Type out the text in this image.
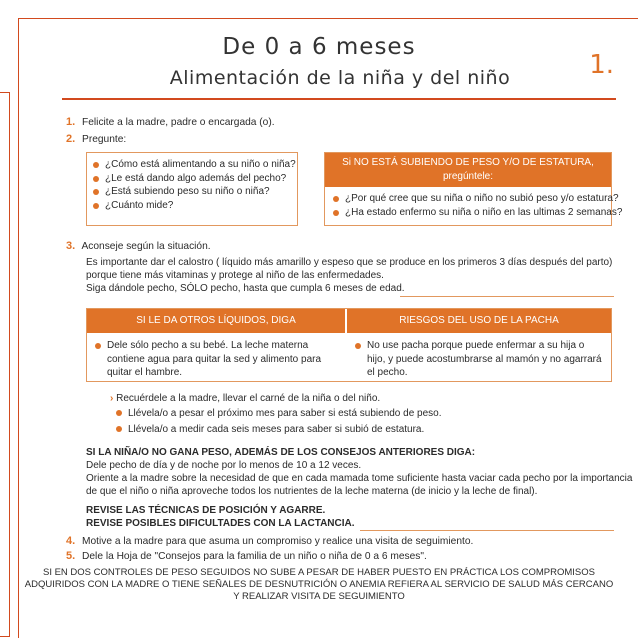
De 0 a 6 meses
Alimentación de la niña y del niño	1.
1. Felicite a la madre, padre o encargada (o).
2. Pregunte:
¿Cómo está alimentando a su niño o niña?
¿Le está dando algo además del pecho?
¿Está subiendo peso su niño o niña?
¿Cuánto mide?
Si NO ESTÁ SUBIENDO DE PESO Y/O DE ESTATURA,
pregúntele:
¿Por qué cree que su niña o niño no subió peso y/o estatura?
¿Ha estado enfermo su niña o niño en las ultimas 2 semanas?
3. Aconseje según la situación.
Es importante dar el calostro ( líquido más amarillo y espeso que se produce en los primeros 3 días después del parto)
porque tiene más vitaminas y protege al niño de las enfermedades.
Siga dándole pecho, SÓLO pecho, hasta que cumpla 6 meses de edad.
SI LE DA OTROS LÍQUIDOS, DIGA	RIESGOS DEL USO DE LA PACHA
Dele sólo pecho a su bebé. La leche materna
contiene agua para quitar la sed y alimento para
quitar el hambre.
No use pacha porque puede enfermar a su hija o
hijo, y puede acostumbrarse al mamón y no agarrará
el pecho.
› Recuérdele a la madre, llevar el carné de la niña o del niño.
Llévela/o a pesar el próximo mes para saber si está subiendo de peso.
Llévela/o a medir cada seis meses para saber si subió de estatura.
SI LA NIÑA/O NO GANA PESO, ADEMÁS DE LOS CONSEJOS ANTERIORES DIGA:
Dele pecho de día y de noche por lo menos de 10 a 12 veces.
Oriente a la madre sobre la necesidad de que en cada mamada tome suficiente hasta vaciar cada pecho por la importancia
de que el niño o niña aproveche todos los nutrientes de la leche materna (de inicio y la leche de final).
REVISE LAS TÉCNICAS DE POSICIÓN Y AGARRE.
REVISE POSIBLES DIFICULTADES CON LA LACTANCIA.
4. Motive a la madre para que asuma un compromiso y realice una visita de seguimiento.
5. Dele la Hoja de "Consejos para la familia de un niño o niña de 0 a 6 meses".
SI EN DOS CONTROLES DE PESO SEGUIDOS NO SUBE A PESAR DE HABER PUESTO EN PRÁCTICA LOS COMPROMISOS
ADQUIRIDOS CON LA MADRE O TIENE SEÑALES DE DESNUTRICIÓN O ANEMIA REFIERA AL SERVICIO DE SALUD MÁS CERCANO
Y REALIZAR VISITA DE SEGUIMIENTO
